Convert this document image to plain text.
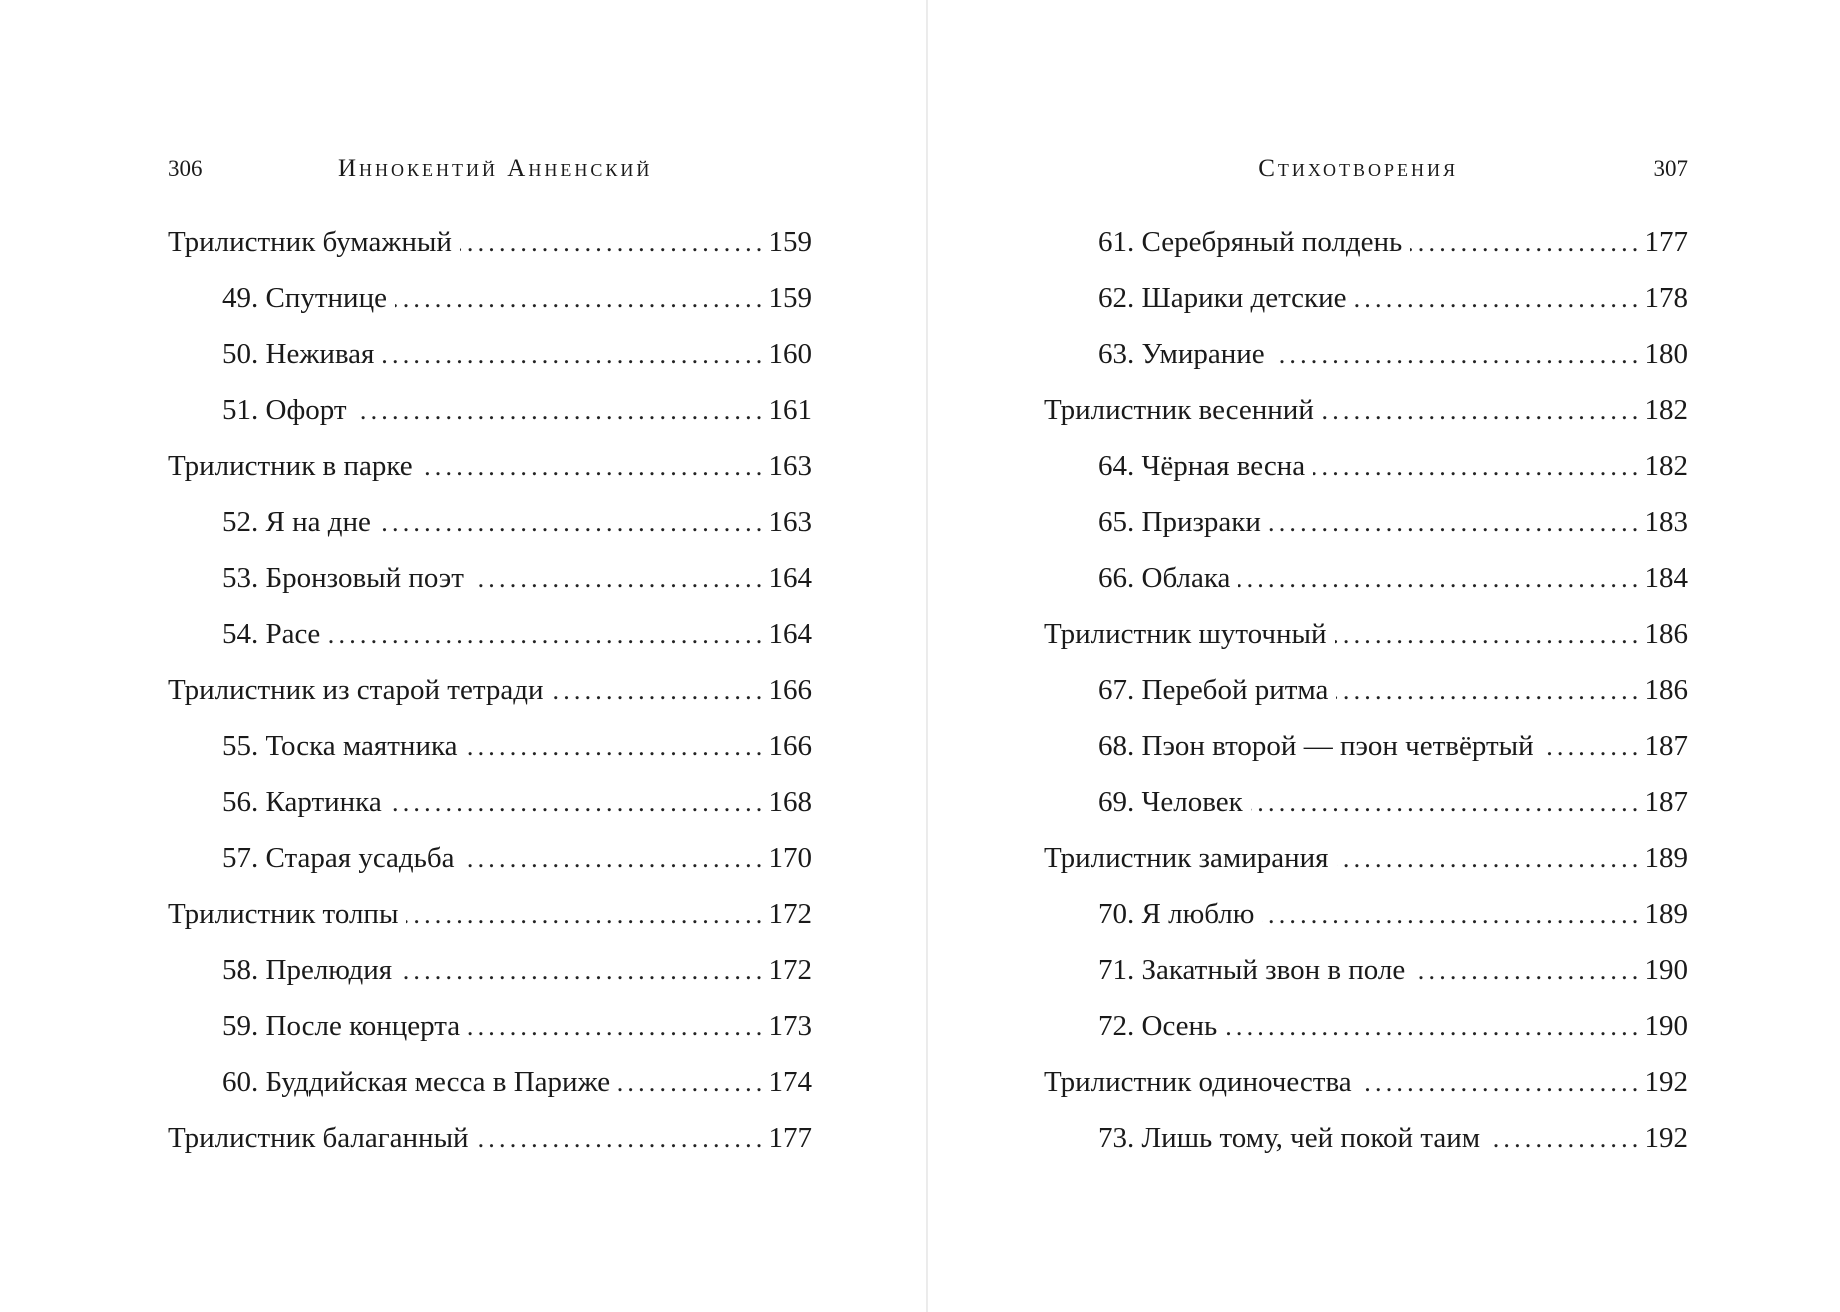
306	Иннокентий Анненский
Трилистник бумажный .....	159
49. Спутнице .....	159
50. Неживая .....	160
51. Офорт .....	161
Трилистник в парке .....	163
52. Я на дне .....	163
53. Бронзовый поэт .....	164
54. Pace .....	164
Трилистник из старой тетради .....	166
55. Тоска маятника .....	166
56. Картинка .....	168
57. Старая усадьба .....	170
Трилистник толпы .....	172
58. Прелюдия .....	172
59. После концерта .....	173
60. Буддийская месса в Париже .....	174
Трилистник балаганный .....	177
Стихотворения	307
61. Серебряный полдень .....	177
62. Шарики детские .....	178
63. Умирание .....	180
Трилистник весенний .....	182
64. Чёрная весна .....	182
65. Призраки .....	183
66. Облака .....	184
Трилистник шуточный .....	186
67. Перебой ритма .....	186
68. Пэон второй — пэон четвёртый .....	187
69. Человек .....	187
Трилистник замирания .....	189
70. Я люблю .....	189
71. Закатный звон в поле .....	190
72. Осень .....	190
Трилистник одиночества .....	192
73. Лишь тому, чей покой таим .....	192
